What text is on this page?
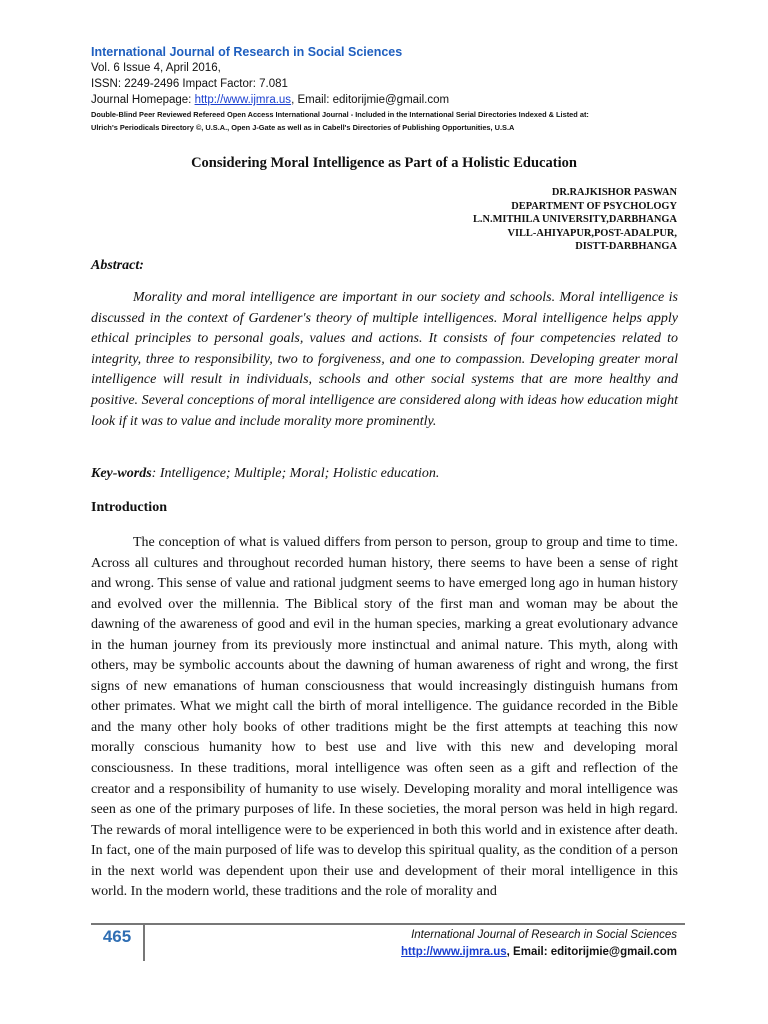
International Journal of Research in Social Sciences
Vol. 6 Issue 4, April 2016,
ISSN: 2249-2496 Impact Factor: 7.081
Journal Homepage: http://www.ijmra.us, Email: editorijmie@gmail.com
Double-Blind Peer Reviewed Refereed Open Access International Journal - Included in the International Serial Directories Indexed & Listed at:
Ulrich's Periodicals Directory ©, U.S.A., Open J-Gate as well as in Cabell's Directories of Publishing Opportunities, U.S.A
Considering Moral Intelligence as Part of a Holistic Education
DR.RAJKISHOR PASWAN
DEPARTMENT OF PSYCHOLOGY
L.N.MITHILA UNIVERSITY,DARBHANGA
VILL-AHIYAPUR,POST-ADALPUR,
DISTT-DARBHANGA
Abstract:

Morality and moral intelligence are important in our society and schools. Moral intelligence is discussed in the context of Gardener's theory of multiple intelligences. Moral intelligence helps apply ethical principles to personal goals, values and actions. It consists of four competencies related to integrity, three to responsibility, two to forgiveness, and one to compassion. Developing greater moral intelligence will result in individuals, schools and other social systems that are more healthy and positive. Several conceptions of moral intelligence are considered along with ideas how education might look if it was to value and include morality more prominently.

Key-words: Intelligence; Multiple; Moral; Holistic education.
Introduction

The conception of what is valued differs from person to person, group to group and time to time. Across all cultures and throughout recorded human history, there seems to have been a sense of right and wrong. This sense of value and rational judgment seems to have emerged long ago in human history and evolved over the millennia. The Biblical story of the first man and woman may be about the dawning of the awareness of good and evil in the human species, marking a great evolutionary advance in the human journey from its previously more instinctual and animal nature. This myth, along with others, may be symbolic accounts about the dawning of human awareness of right and wrong, the first signs of new emanations of human consciousness that would increasingly distinguish humans from other primates. What we might call the birth of moral intelligence. The guidance recorded in the Bible and the many other holy books of other traditions might be the first attempts at teaching this now morally conscious humanity how to best use and live with this new and developing moral consciousness. In these traditions, moral intelligence was often seen as a gift and reflection of the creator and a responsibility of humanity to use wisely. Developing morality and moral intelligence was seen as one of the primary purposes of life. In these societies, the moral person was held in high regard. The rewards of moral intelligence were to be experienced in both this world and in existence after death. In fact, one of the main purposed of life was to develop this spiritual quality, as the condition of a person in the next world was dependent upon their use and development of their moral intelligence in this world. In the modern world, these traditions and the role of morality and

465	International Journal of Research in Social Sciences
http://www.ijmra.us, Email: editorijmie@gmail.com
